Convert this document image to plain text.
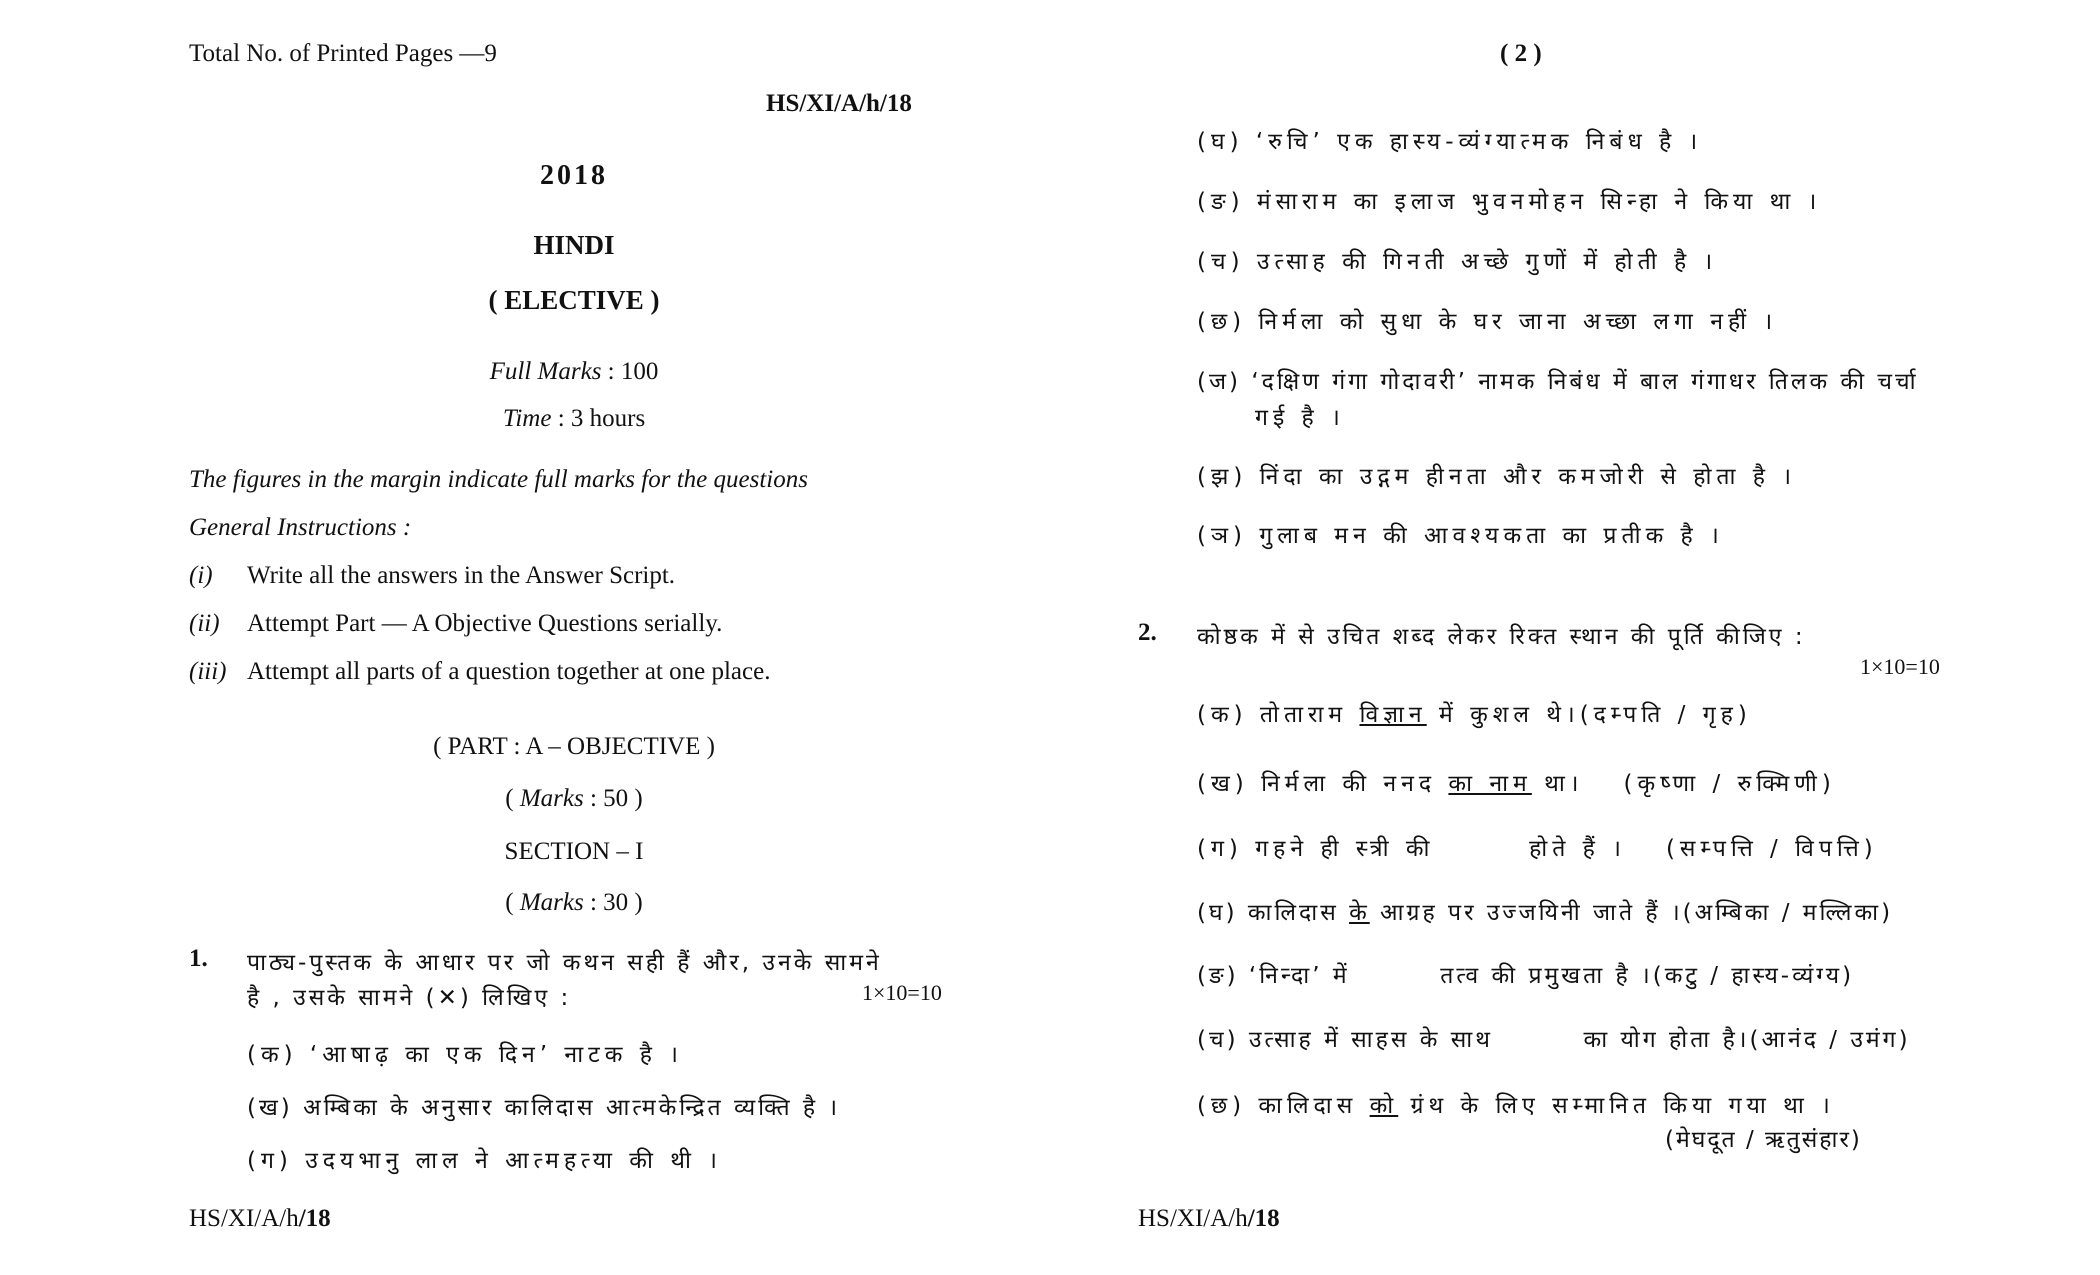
Total No. of Printed Pages —9
HS/XI/A/h/18
2018
HINDI
( ELECTIVE )
Full Marks : 100
Time : 3 hours
The figures in the margin indicate full marks for the questions
General Instructions :
(i) Write all the answers in the Answer Script.
(ii) Attempt Part — A Objective Questions serially.
(iii) Attempt all parts of a question together at one place.
( PART : A – OBJECTIVE )
( Marks : 50 )
SECTION – I
( Marks : 30 )
1. पाठ्य-पुस्तक के आधार पर जो कथन सही हैं और, उनके सामने
है , उसके सामने (✕) लिखिए :	1×10=10
(क) ‘आषाढ़ का एक दिन’ नाटक है ।
(ख) अम्बिका के अनुसार कालिदास आत्मकेन्द्रित व्यक्ति है ।
(ग) उदयभानु लाल ने आत्महत्या की थी ।
HS/XI/A/h/18
( 2 )
(घ) ‘रुचि’ एक हास्य-व्यंग्यात्मक निबंध है ।
(ङ) मंसाराम का इलाज भुवनमोहन सिन्हा ने किया था ।
(च) उत्साह की गिनती अच्छे गुणों में होती है ।
(छ) निर्मला को सुधा के घर जाना अच्छा लगा नहीं ।
(ज) ‘दक्षिण गंगा गोदावरी’ नामक निबंध में बाल गंगाधर तिलक की चर्चा
गई है ।
(झ) निंदा का उद्गम हीनता और कमजोरी से होता है ।
(ञ) गुलाब मन की आवश्यकता का प्रतीक है ।
2. कोष्ठक में से उचित शब्द लेकर रिक्त स्थान की पूर्ति कीजिए :
1×10=10
(क) तोताराम विज्ञान में कुशल थे।(दम्पति / गृह)
(ख) निर्मला की ननद का नाम था। (कृष्णा / रुक्मिणी)
(ग) गहने ही स्त्री की	होते हैं । (सम्पत्ति / विपत्ति)
(घ) कालिदास के आग्रह पर उज्जयिनी जाते हैं ।(अम्बिका / मल्लिका)
(ङ) ‘निन्दा’ में	तत्व की प्रमुखता है ।(कटु / हास्य-व्यंग्य)
(च) उत्साह में साहस के साथ	का योग होता है।(आनंद / उमंग)
(छ) कालिदास को ग्रंथ के लिए सम्मानित किया गया था ।
(मेघदूत / ऋतुसंहार)
HS/XI/A/h/18
